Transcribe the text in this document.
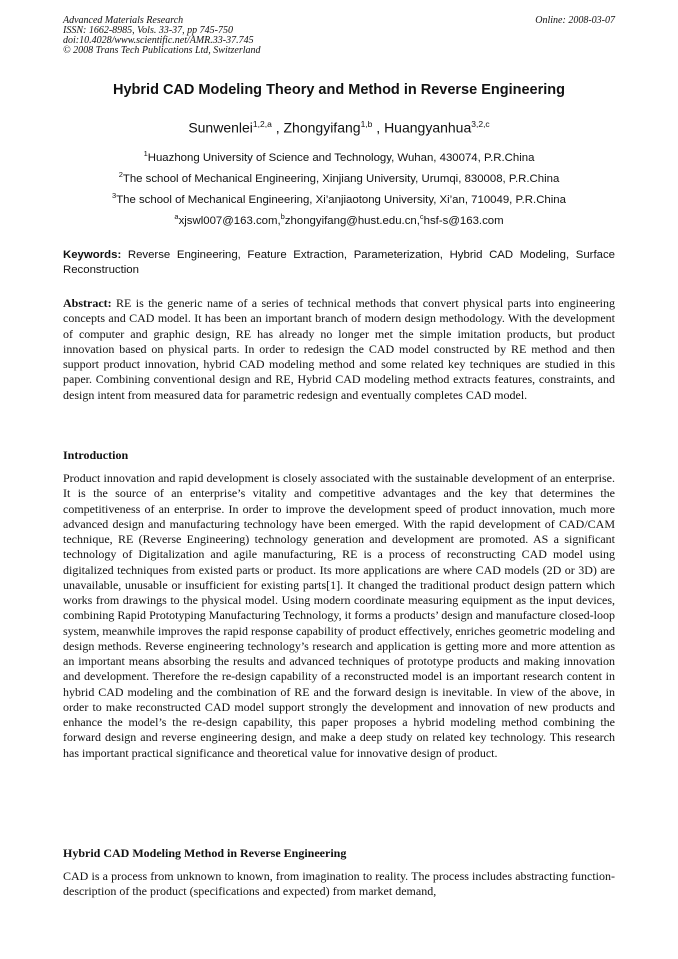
Advanced Materials Research
ISSN: 1662-8985, Vols. 33-37, pp 745-750
doi:10.4028/www.scientific.net/AMR.33-37.745
© 2008 Trans Tech Publications Ltd, Switzerland
Online: 2008-03-07
Hybrid CAD Modeling Theory and Method in Reverse Engineering
Sunwenlei$^{1,2,a}$ , Zhongyifang$^{1,b}$ , Huangyanhua$^{3,2,c}$
$^1$Huazhong University of Science and Technology, Wuhan, 430074, P.R.China
$^2$The school of Mechanical Engineering, Xinjiang University, Urumqi, 830008, P.R.China
$^3$The school of Mechanical Engineering, Xi’anjiaotong University, Xi’an, 710049, P.R.China
$^a$xjswl007@163.com,$^b$zhongyifang@hust.edu.cn,$^c$hsf-s@163.com
Keywords: Reverse Engineering, Feature Extraction, Parameterization, Hybrid CAD Modeling, Surface Reconstruction
Abstract: RE is the generic name of a series of technical methods that convert physical parts into engineering concepts and CAD model. It has been an important branch of modern design methodology. With the development of computer and graphic design, RE has already no longer met the simple imitation products, but product innovation based on physical parts. In order to redesign the CAD model constructed by RE method and then support product innovation, hybrid CAD modeling method and some related key techniques are studied in this paper. Combining conventional design and RE, Hybrid CAD modeling method extracts features, constraints, and design intent from measured data for parametric redesign and eventually completes CAD model.
Introduction
Product innovation and rapid development is closely associated with the sustainable development of an enterprise. It is the source of an enterprise’s vitality and competitive advantages and the key that determines the competitiveness of an enterprise. In order to improve the development speed of product innovation, much more advanced design and manufacturing technology have been emerged. With the rapid development of CAD/CAM technique, RE (Reverse Engineering) technology generation and development are promoted. AS a significant technology of Digitalization and agile manufacturing, RE is a process of reconstructing CAD model using digitalized techniques from existed parts or product. Its more applications are where CAD models (2D or 3D) are unavailable, unusable or insufficient for existing parts[1]. It changed the traditional product design pattern which works from drawings to the physical model. Using modern coordinate measuring equipment as the input devices, combining Rapid Prototyping Manufacturing Technology, it forms a products’ design and manufacture closed-loop system, meanwhile improves the rapid response capability of product effectively, enriches geometric modeling and design methods. Reverse engineering technology’s research and application is getting more and more attention as an important means absorbing the results and advanced techniques of prototype products and making innovation and development. Therefore the re-design capability of a reconstructed model is an important research content in hybrid CAD modeling and the combination of RE and the forward design is inevitable. In view of the above, in order to make reconstructed CAD model support strongly the development and innovation of new products and enhance the model’s the re-design capability, this paper proposes a hybrid modeling method combining the forward design and reverse engineering design, and make a deep study on related key technology. This research has important practical significance and theoretical value for innovative design of product.
Hybrid CAD Modeling Method in Reverse Engineering
CAD is a process from unknown to known, from imagination to reality. The process includes abstracting function-description of the product (specifications and expected) from market demand,
